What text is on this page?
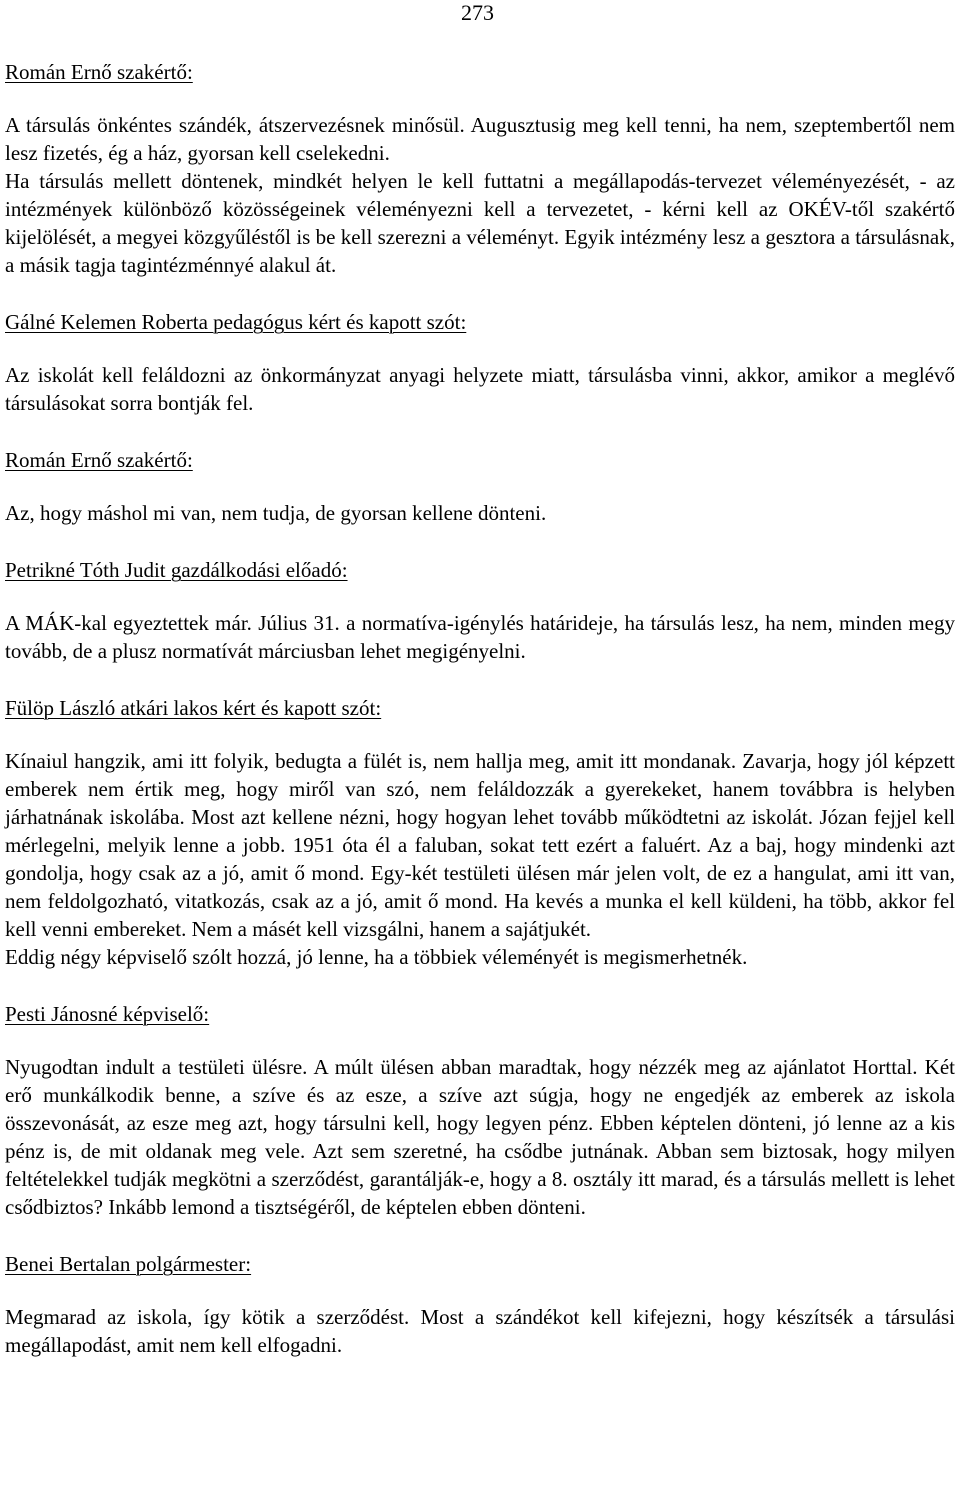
273

Román Ernő szakértő:

A társulás önkéntes szándék, átszervezésnek minősül. Augusztusig meg kell tenni, ha nem, szeptembertől nem lesz fizetés, ég a ház, gyorsan kell cselekedni.

Ha társulás mellett döntenek, mindkét helyen le kell futtatni a megállapodás-tervezet véleményezését, - az intézmények különböző közösségeinek véleményezni kell a tervezetet, - kérni kell az OKÉV-től szakértő kijelölését, a megyei közgyűléstől is be kell szerezni a véleményt. Egyik intézmény lesz a gesztora a társulásnak, a másik tagja tagintézménnyé alakul át.

Gálné Kelemen Roberta pedagógus kért és kapott szót:

Az iskolát kell feláldozni az önkormányzat anyagi helyzete miatt, társulásba vinni, akkor, amikor a meglévő társulásokat sorra bontják fel.

Román Ernő szakértő:

Az, hogy máshol mi van, nem tudja, de gyorsan kellene dönteni.

Petrikné Tóth Judit gazdálkodási előadó:

A MÁK-kal egyeztettek már. Július 31. a normatíva-igénylés határideje, ha társulás lesz, ha nem, minden megy tovább, de a plusz normatívát márciusban lehet megigényelni.

Fülöp László atkári lakos kért és kapott szót:

Kínaiul hangzik, ami itt folyik, bedugta a fülét is, nem hallja meg, amit itt mondanak. Zavarja, hogy jól képzett emberek nem értik meg, hogy miről van szó, nem feláldozzák a gyerekeket, hanem továbbra is helyben járhatnának iskolába. Most azt kellene nézni, hogy hogyan lehet tovább működtetni az iskolát. Józan fejjel kell mérlegelni, melyik lenne a jobb. 1951 óta él a faluban, sokat tett ezért a faluért. Az a baj, hogy mindenki azt gondolja, hogy csak az a jó, amit ő mond. Egy-két testületi ülésen már jelen volt, de ez a hangulat, ami itt van, nem feldolgozható, vitatkozás, csak az a jó, amit ő mond. Ha kevés a munka el kell küldeni, ha több, akkor fel kell venni embereket. Nem a másét kell vizsgálni, hanem a sajátjukét.

Eddig négy képviselő szólt hozzá, jó lenne, ha a többiek véleményét is megismerhetnék.

Pesti Jánosné képviselő:

Nyugodtan indult a testületi ülésre. A múlt ülésen abban maradtak, hogy nézzék meg az ajánlatot Horttal. Két erő munkálkodik benne, a szíve és az esze, a szíve azt súgja, hogy ne engedjék az emberek az iskola összevonását, az esze meg azt, hogy társulni kell, hogy legyen pénz. Ebben képtelen dönteni, jó lenne az a kis pénz is, de mit oldanak meg vele. Azt sem szeretné, ha csődbe jutnának. Abban sem biztosak, hogy milyen feltételekkel tudják megkötni a szerződést, garantálják-e, hogy a 8. osztály itt marad, és a társulás mellett is lehet csődbiztos? Inkább lemond a tisztségéről, de képtelen ebben dönteni.

Benei Bertalan polgármester:

Megmarad az iskola, így kötik a szerződést. Most a szándékot kell kifejezni, hogy készítsék a társulási megállapodást, amit nem kell elfogadni.
